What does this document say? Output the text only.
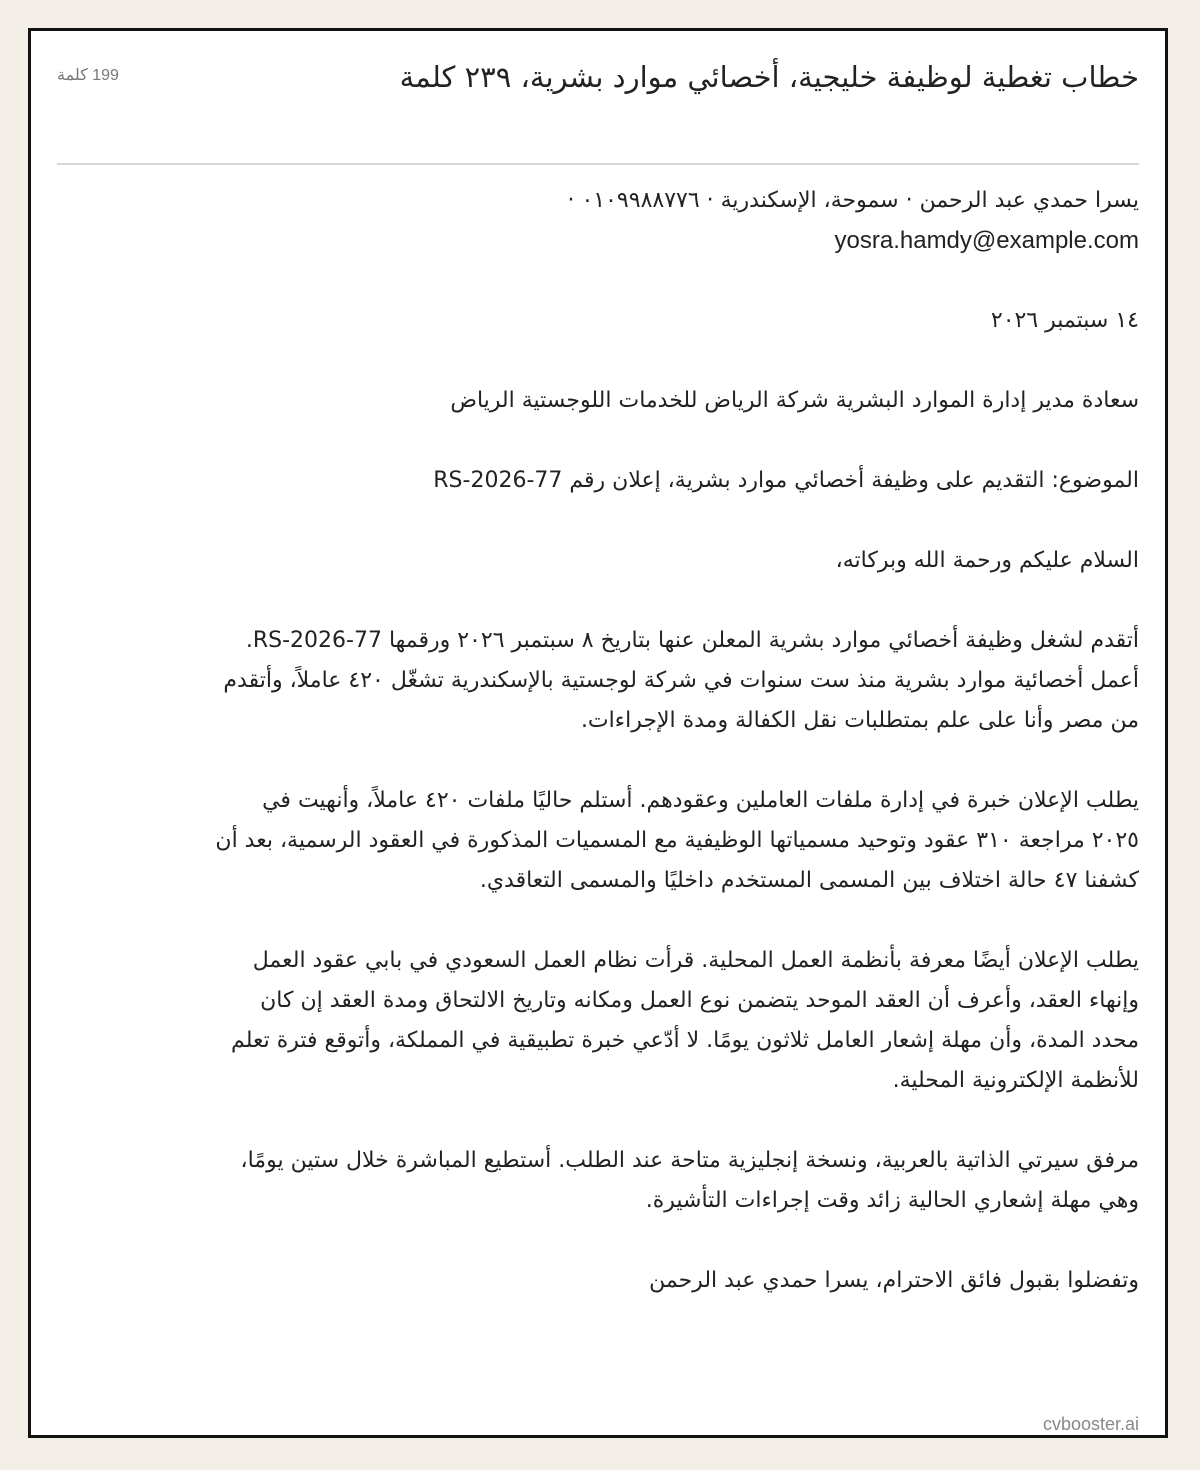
خطاب تغطية لوظيفة خليجية، أخصائي موارد بشرية، ٢٣٩ كلمة
199 كلمة

يسرا حمدي عبد الرحمن · سموحة، الإسكندرية · ٠١٠٩٩٨٨٧٧٦ ·

yosra.hamdy@example.com

١٤ سبتمبر ٢٠٢٦

سعادة مدير إدارة الموارد البشرية شركة الرياض للخدمات اللوجستية الرياض

الموضوع: التقديم على وظيفة أخصائي موارد بشرية، إعلان رقم RS-2026-77

السلام عليكم ورحمة الله وبركاته،

أتقدم لشغل وظيفة أخصائي موارد بشرية المعلن عنها بتاريخ ٨ سبتمبر ٢٠٢٦ ورقمها RS-2026-77. أعمل أخصائية موارد بشرية منذ ست سنوات في شركة لوجستية بالإسكندرية تشغّل ٤٢٠ عاملاً، وأتقدم من مصر وأنا على علم بمتطلبات نقل الكفالة ومدة الإجراءات.

يطلب الإعلان خبرة في إدارة ملفات العاملين وعقودهم. أستلم حاليًا ملفات ٤٢٠ عاملاً، وأنهيت في ٢٠٢٥ مراجعة ٣١٠ عقود وتوحيد مسمياتها الوظيفية مع المسميات المذكورة في العقود الرسمية، بعد أن كشفنا ٤٧ حالة اختلاف بين المسمى المستخدم داخليًا والمسمى التعاقدي.

يطلب الإعلان أيضًا معرفة بأنظمة العمل المحلية. قرأت نظام العمل السعودي في بابي عقود العمل وإنهاء العقد، وأعرف أن العقد الموحد يتضمن نوع العمل ومكانه وتاريخ الالتحاق ومدة العقد إن كان محدد المدة، وأن مهلة إشعار العامل ثلاثون يومًا. لا أدّعي خبرة تطبيقية في المملكة، وأتوقع فترة تعلم للأنظمة الإلكترونية المحلية.

مرفق سيرتي الذاتية بالعربية، ونسخة إنجليزية متاحة عند الطلب. أستطيع المباشرة خلال ستين يومًا، وهي مهلة إشعاري الحالية زائد وقت إجراءات التأشيرة.

وتفضلوا بقبول فائق الاحترام، يسرا حمدي عبد الرحمن

cvbooster.ai
